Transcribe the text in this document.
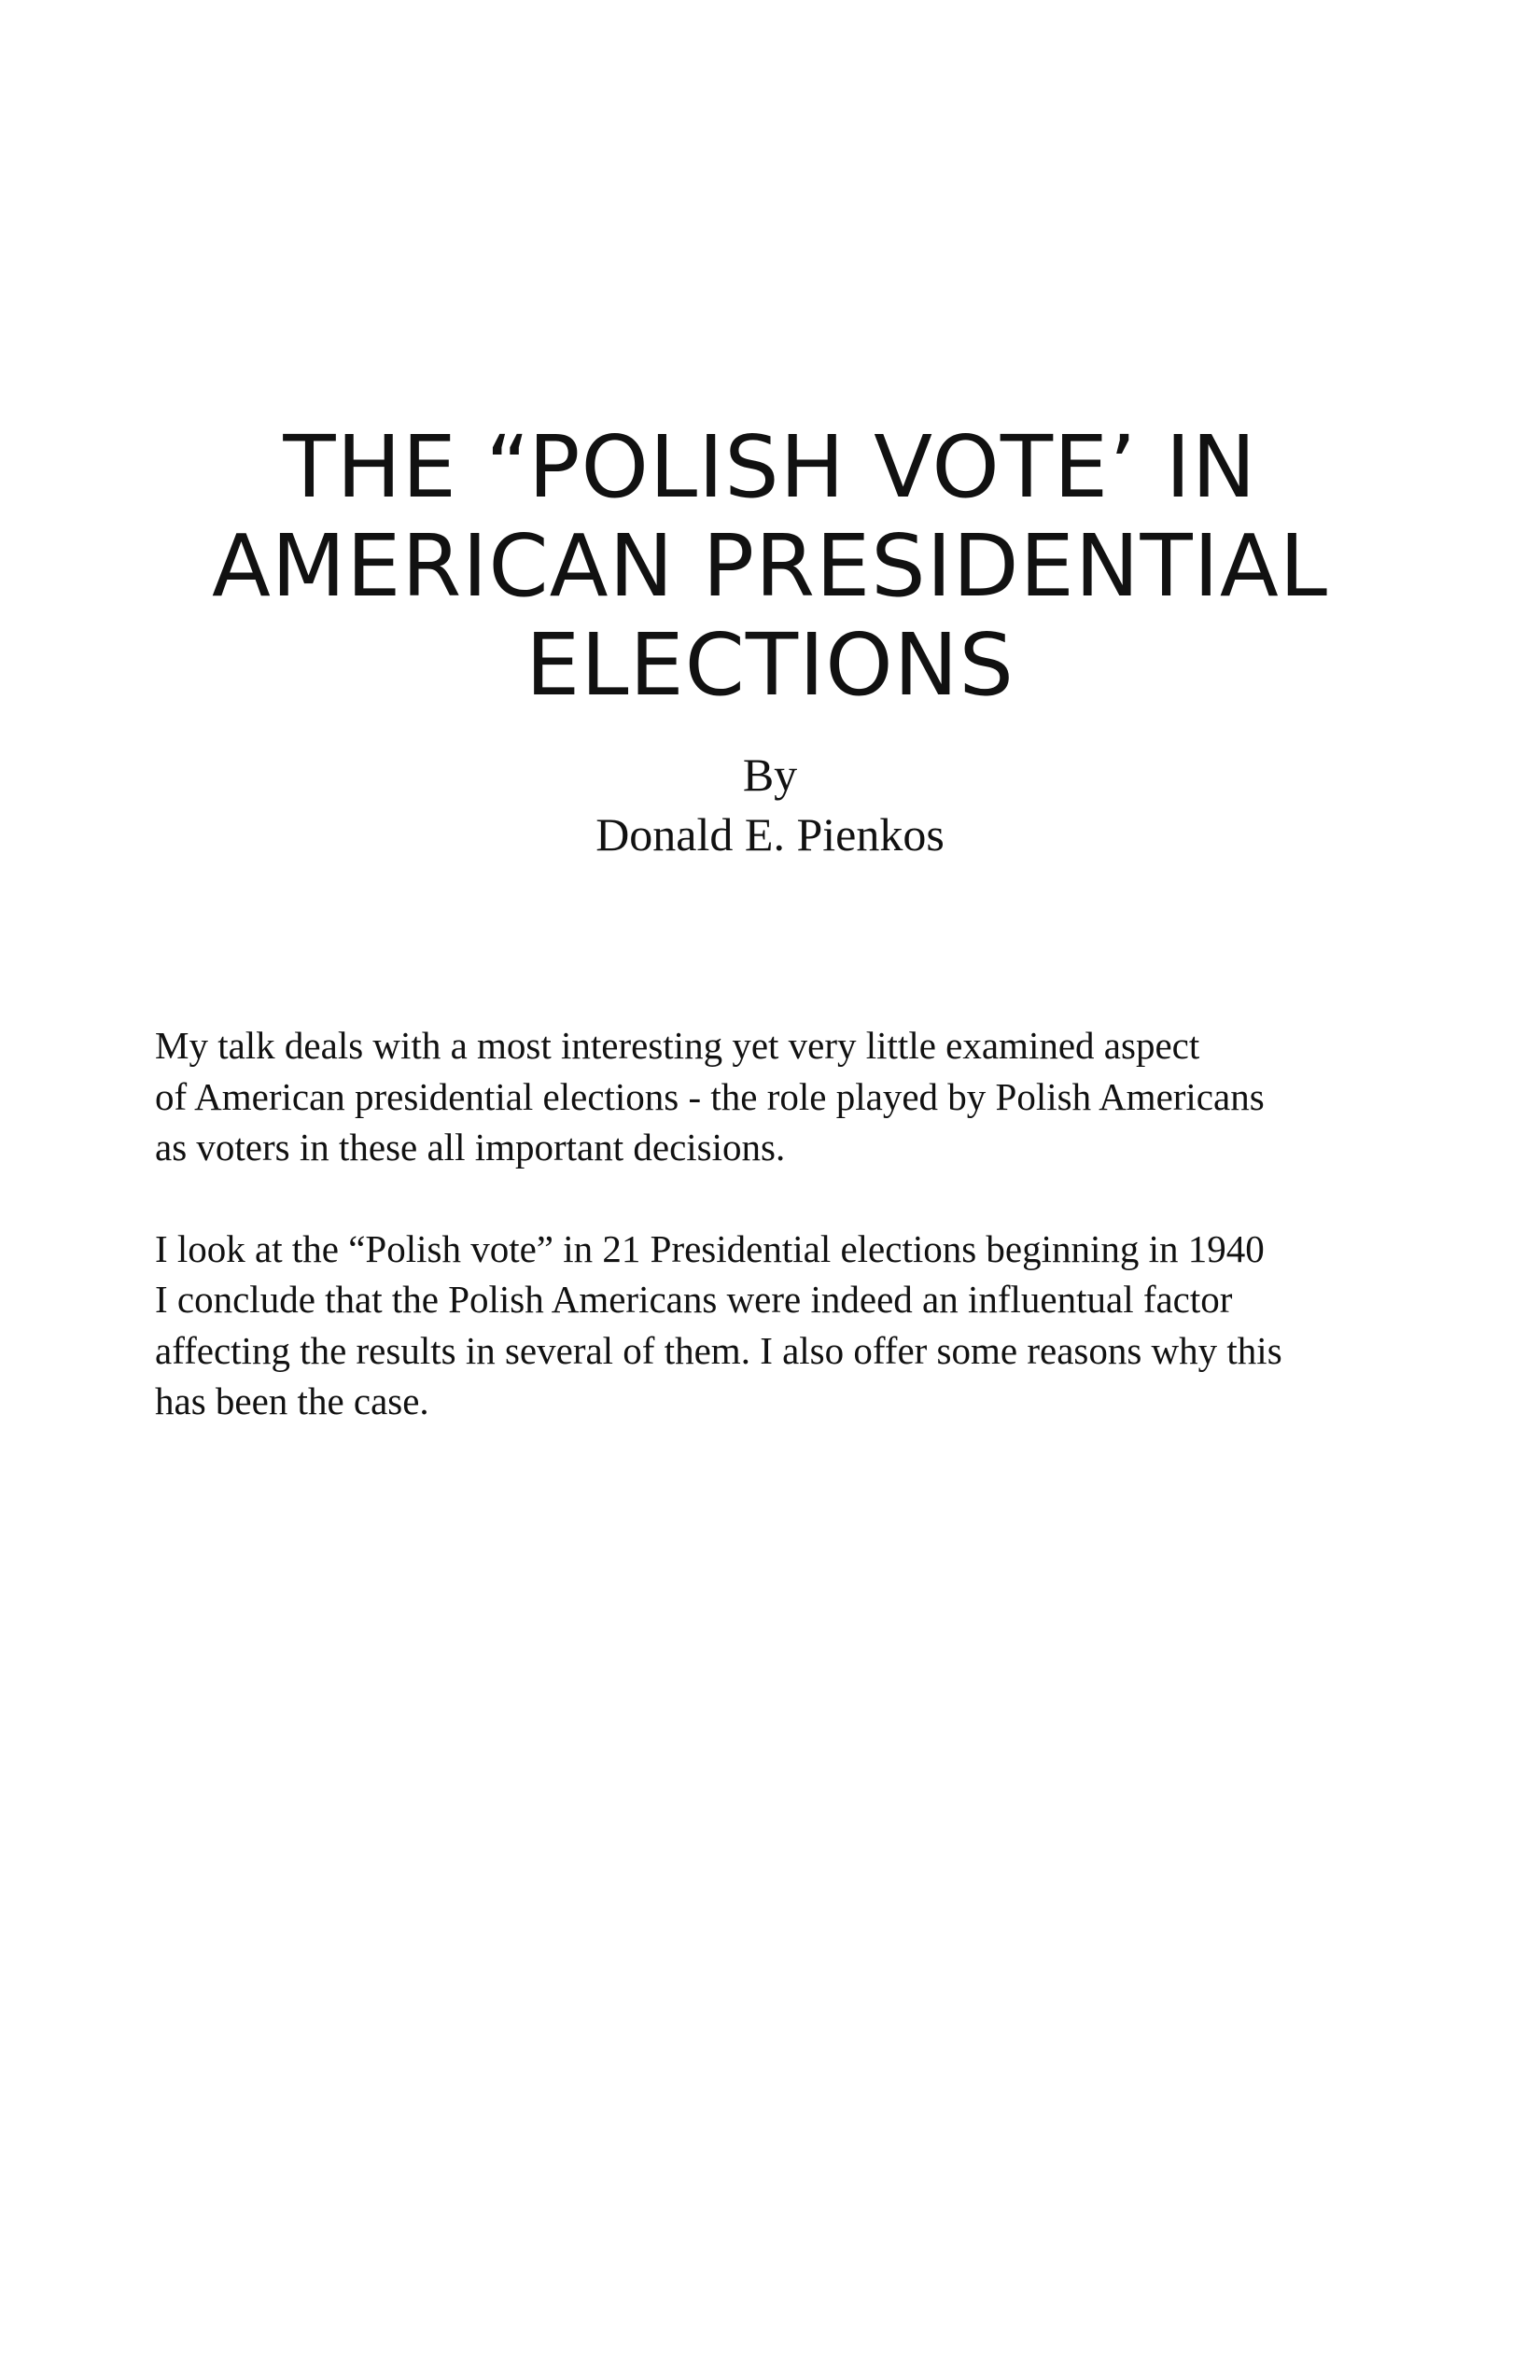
THE “POLISH VOTE’ IN
AMERICAN PRESIDENTIAL
ELECTIONS
By
Donald E. Pienkos

My talk deals with a most interesting yet very little examined aspect
of American presidential elections - the role played by Polish Americans
as voters in these all important decisions.

I look at the “Polish vote” in 21 Presidential elections beginning in 1940
I conclude that the Polish Americans were indeed an influentual factor
affecting the results in several of them. I also offer some reasons why this
has been the case.
